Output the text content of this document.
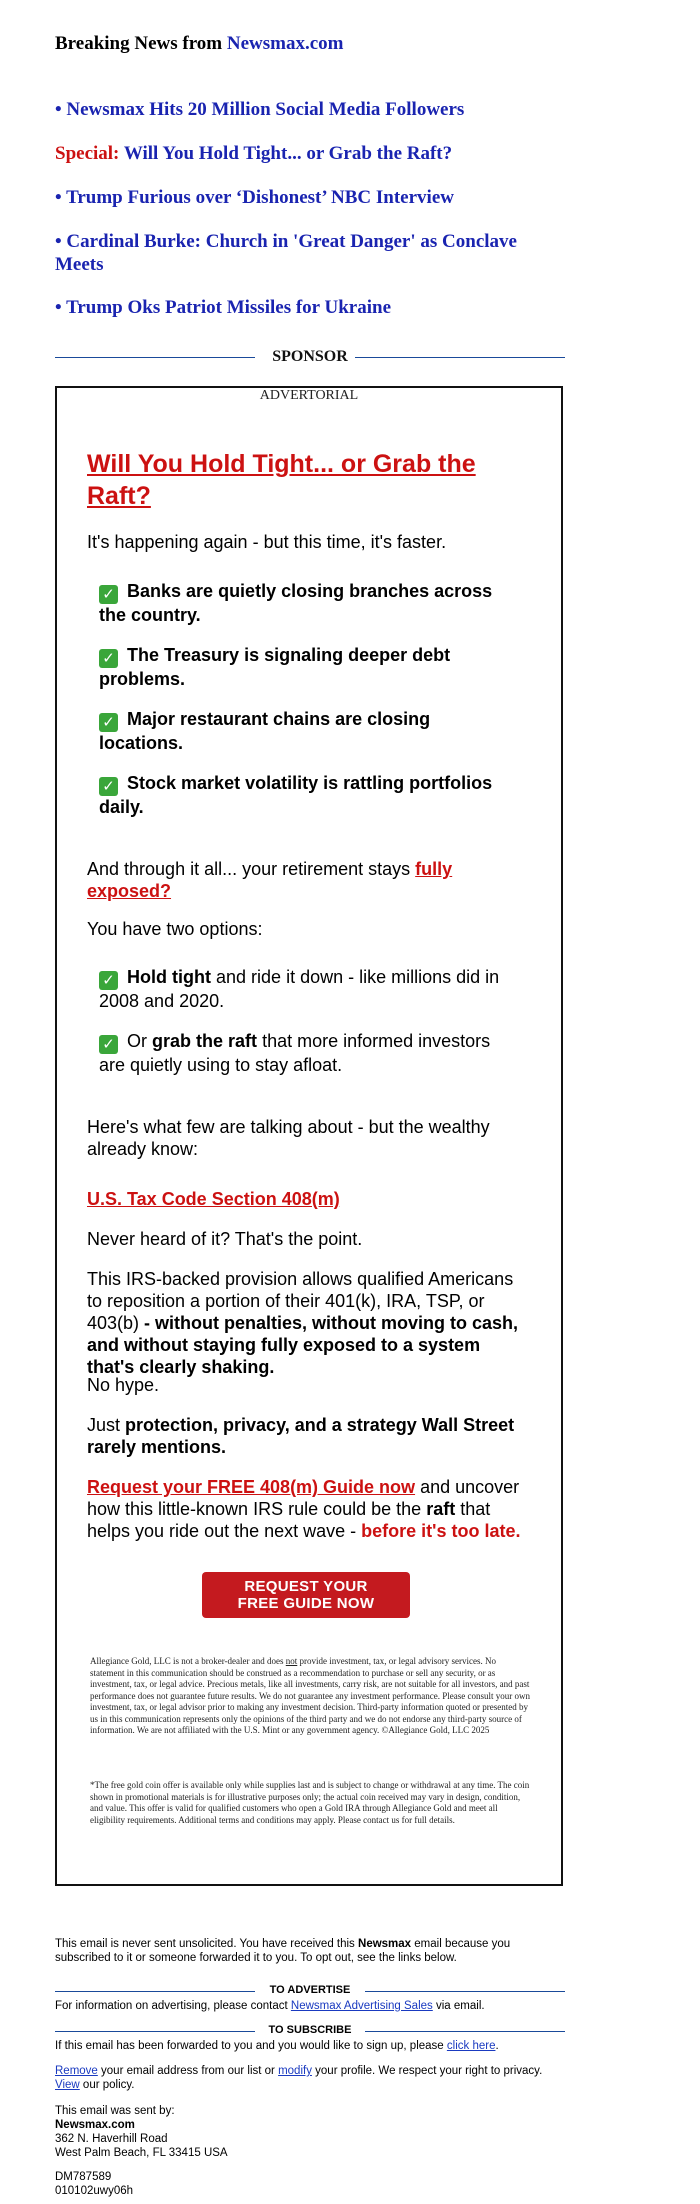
Breaking News from Newsmax.com
• Newsmax Hits 20 Million Social Media Followers
Special: Will You Hold Tight... or Grab the Raft?
• Trump Furious over ‘Dishonest’ NBC Interview
• Cardinal Burke: Church in 'Great Danger' as Conclave Meets
• Trump Oks Patriot Missiles for Ukraine
SPONSOR
ADVERTORIAL
Will You Hold Tight... or Grab the Raft?
It's happening again - but this time, it's faster.
✓ Banks are quietly closing branches across the country.
✓ The Treasury is signaling deeper debt problems.
✓ Major restaurant chains are closing locations.
✓ Stock market volatility is rattling portfolios daily.
And through it all... your retirement stays fully exposed?
You have two options:
✓ Hold tight and ride it down - like millions did in 2008 and 2020.
✓ Or grab the raft that more informed investors are quietly using to stay afloat.
Here's what few are talking about - but the wealthy already know:
U.S. Tax Code Section 408(m)
Never heard of it? That's the point.
This IRS-backed provision allows qualified Americans to reposition a portion of their 401(k), IRA, TSP, or 403(b) - without penalties, without moving to cash, and without staying fully exposed to a system that's clearly shaking.
No hype.
Just protection, privacy, and a strategy Wall Street rarely mentions.
Request your FREE 408(m) Guide now and uncover how this little-known IRS rule could be the raft that helps you ride out the next wave - before it's too late.
REQUEST YOUR
FREE GUIDE NOW
Allegiance Gold, LLC is not a broker-dealer and does not provide investment, tax, or legal advisory services. No statement in this communication should be construed as a recommendation to purchase or sell any security, or as investment, tax, or legal advice. Precious metals, like all investments, carry risk, are not suitable for all investors, and past performance does not guarantee future results. We do not guarantee any investment performance. Please consult your own investment, tax, or legal advisor prior to making any investment decision. Third-party information quoted or presented by us in this communication represents only the opinions of the third party and we do not endorse any third-party source of information. We are not affiliated with the U.S. Mint or any government agency. ©Allegiance Gold, LLC 2025
*The free gold coin offer is available only while supplies last and is subject to change or withdrawal at any time. The coin shown in promotional materials is for illustrative purposes only; the actual coin received may vary in design, condition, and value. This offer is valid for qualified customers who open a Gold IRA through Allegiance Gold and meet all eligibility requirements. Additional terms and conditions may apply. Please contact us for full details.
This email is never sent unsolicited. You have received this Newsmax email because you subscribed to it or someone forwarded it to you. To opt out, see the links below.
TO ADVERTISE
For information on advertising, please contact Newsmax Advertising Sales via email.
TO SUBSCRIBE
If this email has been forwarded to you and you would like to sign up, please click here.
Remove your email address from our list or modify your profile. We respect your right to privacy. View our policy.
This email was sent by:
Newsmax.com
362 N. Haverhill Road
West Palm Beach, FL 33415 USA
DM787589
010102uwy06h
